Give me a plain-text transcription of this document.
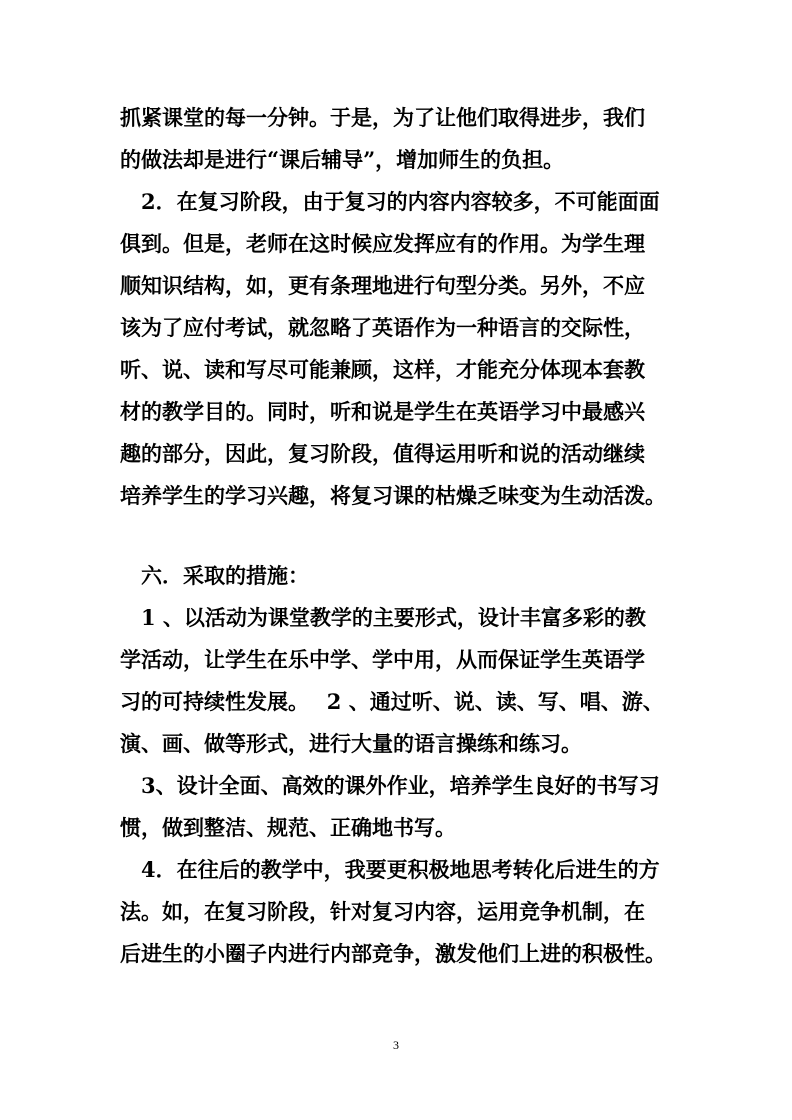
抓紧课堂的每一分钟。于是，为了让他们取得进步，我们
的做法却是进行“课后辅导”，增加师生的负担。
　2．在复习阶段，由于复习的内容内容较多，不可能面面
俱到。但是，老师在这时候应发挥应有的作用。为学生理
顺知识结构，如，更有条理地进行句型分类。另外，不应
该为了应付考试，就忽略了英语作为一种语言的交际性，
听、说、读和写尽可能兼顾，这样，才能充分体现本套教
材的教学目的。同时，听和说是学生在英语学习中最感兴
趣的部分，因此，复习阶段，值得运用听和说的活动继续
培养学生的学习兴趣，将复习课的枯燥乏味变为生动活泼。
　六．采取的措施：
　1 、以活动为课堂教学的主要形式，设计丰富多彩的教
学活动，让学生在乐中学、学中用，从而保证学生英语学
习的可持续性发展。　 2 、通过听、说、读、写、唱、游、
演、画、做等形式，进行大量的语言操练和练习。
　3、设计全面、高效的课外作业，培养学生良好的书写习
惯，做到整洁、规范、正确地书写。
　4．在往后的教学中，我要更积极地思考转化后进生的方
法。如，在复习阶段，针对复习内容，运用竞争机制，在
后进生的小圈子内进行内部竞争，激发他们上进的积极性。
3
